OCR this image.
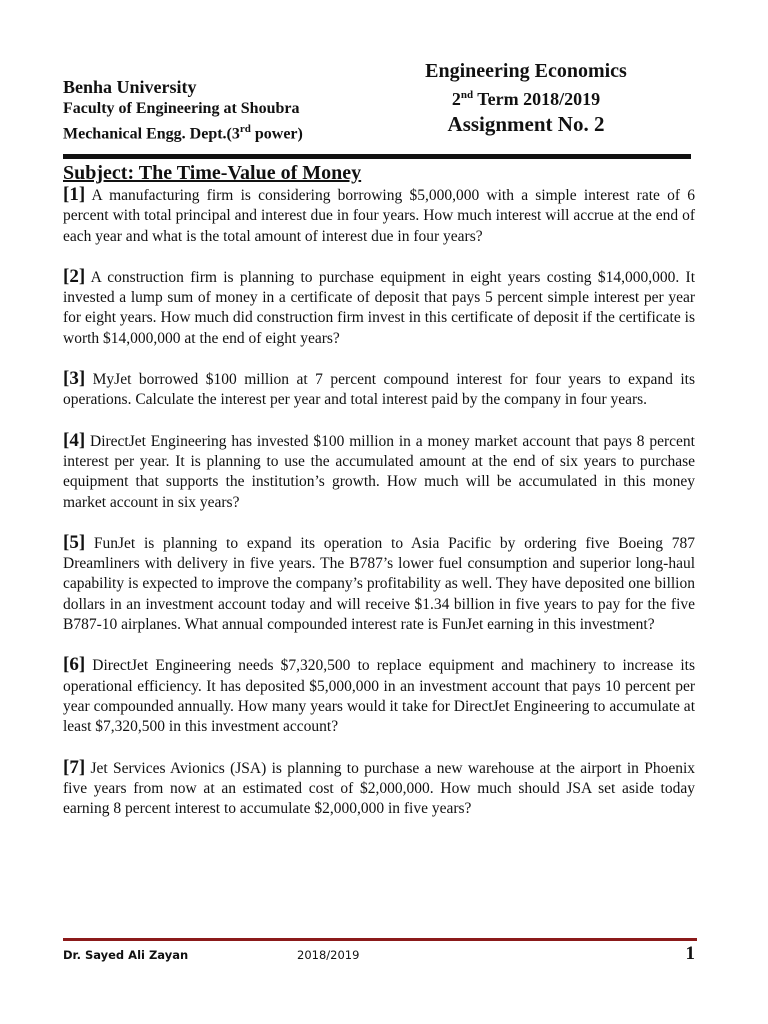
Benha University
Faculty of Engineering at Shoubra
Mechanical Engg. Dept.(3rd power)
Engineering Economics
2nd Term 2018/2019
Assignment No. 2
Subject: The Time-Value of Money

[1] A manufacturing firm is considering borrowing $5,000,000 with a simple interest rate of 6 percent with total principal and interest due in four years. How much interest will accrue at the end of each year and what is the total amount of interest due in four years?

[2] A construction firm is planning to purchase equipment in eight years costing $14,000,000. It invested a lump sum of money in a certificate of deposit that pays 5 percent simple interest per year for eight years. How much did construction firm invest in this certificate of deposit if the certificate is worth $14,000,000 at the end of eight years?

[3] MyJet borrowed $100 million at 7 percent compound interest for four years to expand its operations. Calculate the interest per year and total interest paid by the company in four years.

[4] DirectJet Engineering has invested $100 million in a money market account that pays 8 percent interest per year. It is planning to use the accumulated amount at the end of six years to purchase equipment that supports the institution’s growth. How much will be accumulated in this money market account in six years?

[5] FunJet is planning to expand its operation to Asia Pacific by ordering five Boeing 787 Dreamliners with delivery in five years. The B787’s lower fuel consumption and superior long-haul capability is expected to improve the company’s profitability as well. They have deposited one billion dollars in an investment account today and will receive $1.34 billion in five years to pay for the five B787-10 airplanes. What annual compounded interest rate is FunJet earning in this investment?

[6] DirectJet Engineering needs $7,320,500 to replace equipment and machinery to increase its operational efficiency. It has deposited $5,000,000 in an investment account that pays 10 percent per year compounded annually. How many years would it take for DirectJet Engineering to accumulate at least $7,320,500 in this investment account?

[7] Jet Services Avionics (JSA) is planning to purchase a new warehouse at the airport in Phoenix five years from now at an estimated cost of $2,000,000. How much should JSA set aside today earning 8 percent interest to accumulate $2,000,000 in five years?

Dr. Sayed Ali Zayan	2018/2019	1
